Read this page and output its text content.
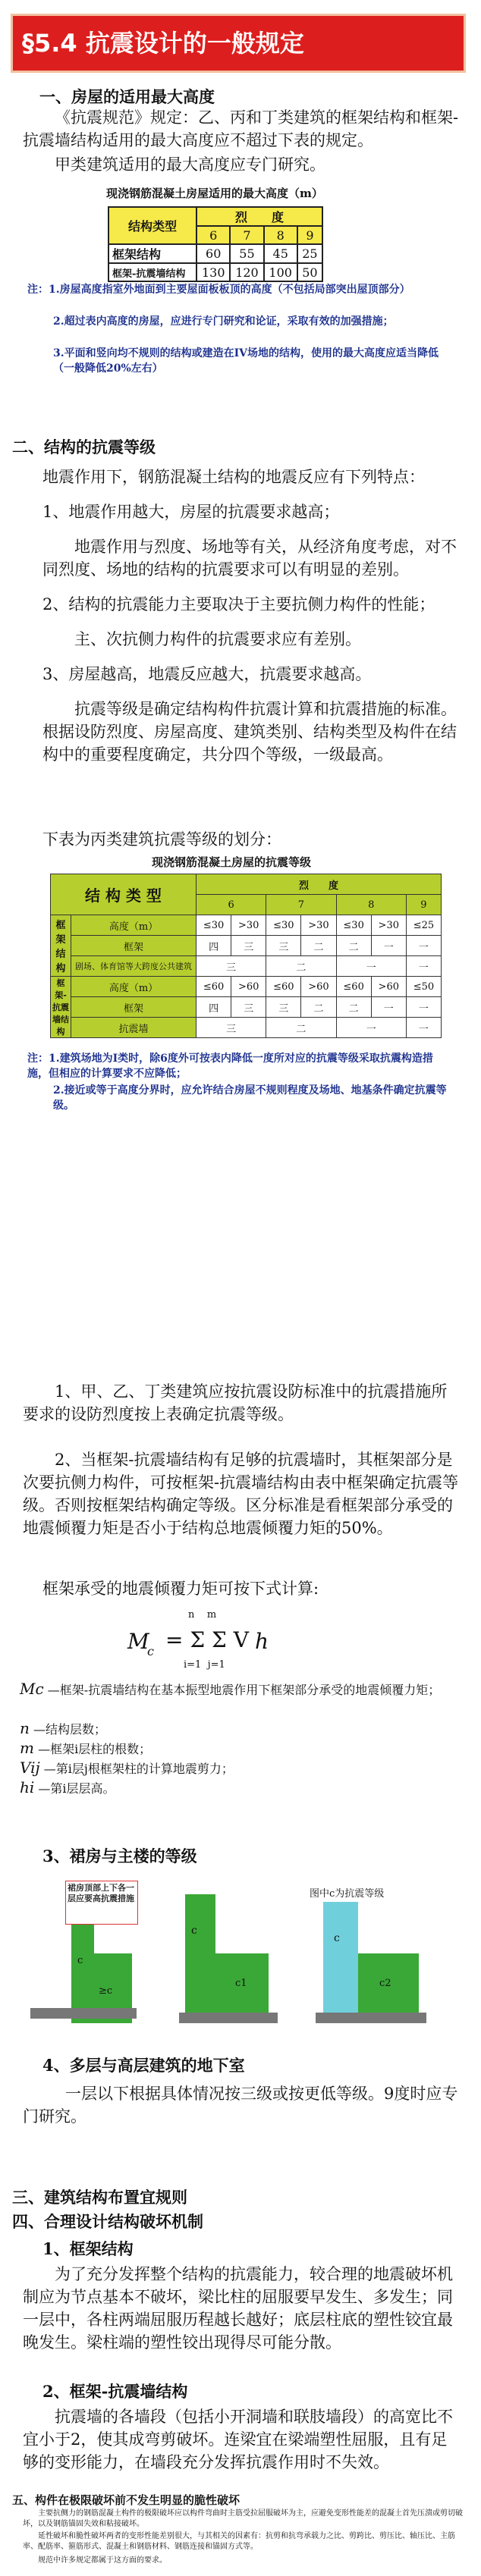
§5.4 抗震设计的一般规定
一、房屋的适用最大高度
《抗震规范》规定：乙、丙和丁类建筑的框架结构和框架-抗震墙结构适用的最大高度应不超过下表的规定。
甲类建筑适用的最大高度应专门研究。
现浇钢筋混凝土房屋适用的最大高度（m）
结构类型	烈　　度			
	6	7	8	9
框架结构	60	55	45	25
框架-抗震墙结构	130	120	100	50
注：1.房屋高度指室外地面到主要屋面板板顶的高度（不包括局部突出屋顶部分）
2.超过表内高度的房屋，应进行专门研究和论证，采取有效的加强措施；
3.平面和竖向均不规则的结构或建造在IV场地的结构，使用的最大高度应适当降低（一般降低20%左右）
二、结构的抗震等级
地震作用下，钢筋混凝土结构的地震反应有下列特点：
1、地震作用越大，房屋的抗震要求越高；
地震作用与烈度、场地等有关，从经济角度考虑，对不同烈度、场地的结构的抗震要求可以有明显的差别。
2、结构的抗震能力主要取决于主要抗侧力构件的性能；
主、次抗侧力构件的抗震要求应有差别。
3、房屋越高，地震反应越大，抗震要求越高。
抗震等级是确定结构构件抗震计算和抗震措施的标准。根据设防烈度、房屋高度、建筑类别、结构类型及构件在结构中的重要程度确定，共分四个等级，一级最高。
下表为丙类建筑抗震等级的划分：
现浇钢筋混凝土房屋的抗震等级
结 构 类 型		烈　　度						
		6		7		8		9
框架结构	高度（m）	≤30	>30	≤30	>30	≤30	>30	≤25
	框架	四	三	三	二	二	一	一
	剧场、体育馆等大跨度公共建筑	三		二		一		一
框架-抗震墙结构	高度（m）	≤60	>60	≤60	>60	≤60	>60	≤50
	框架	四	三	三	二	二	一	一
	抗震墙	三		二		一		一
注：1.建筑场地为Ⅰ类时，除6度外可按表内降低一度所对应的抗震等级采取抗震构造措施，但相应的计算要求不应降低；
2.接近或等于高度分界时，应允许结合房屋不规则程度及场地、地基条件确定抗震等级。
1、甲、乙、丁类建筑应按抗震设防标准中的抗震措施所要求的设防烈度按上表确定抗震等级。
2、当框架-抗震墙结构有足够的抗震墙时，其框架部分是次要抗侧力构件，可按框架-抗震墙结构由表中框架确定抗震等级。否则按框架结构确定等级。区分标准是看框架部分承受的地震倾覆力矩是否小于结构总地震倾覆力矩的50%。
框架承受的地震倾覆力矩可按下式计算:
M
c = Σ Σ V h
n    m
i=1  j=1
Mc —框架-抗震墙结构在基本振型地震作用下框架部分承受的地震倾覆力矩；
n —结构层数；
m —框架i层柱的根数；
Vij —第i层j根框架柱的计算地震剪力；
hi —第i层层高。
3、裙房与主楼的等级
裙房顶部上下各一层应要高抗震措施
c
≥c
c
c1
图中c为抗震等级
c
c2
4、多层与高层建筑的地下室
一层以下根据具体情况按三级或按更低等级。9度时应专门研究。
三、建筑结构布置宜规则
四、合理设计结构破坏机制
1、框架结构
为了充分发挥整个结构的抗震能力，较合理的地震破坏机制应为节点基本不破坏，梁比柱的屈服要早发生、多发生；同一层中，各柱两端屈服历程越长越好；底层柱底的塑性铰宜最晚发生。梁柱端的塑性铰出现得尽可能分散。
2、框架-抗震墙结构
抗震墙的各墙段（包括小开洞墙和联肢墙段）的高宽比不宜小于2，使其成弯剪破坏。连梁宜在梁端塑性屈服，且有足够的变形能力，在墙段充分发挥抗震作用时不失效。
五、构件在极限破坏前不发生明显的脆性破坏
主要抗侧力的钢筋混凝土构件的极限破坏应以构件弯曲时主筋受拉屈服破坏为主，应避免变形性能差的混凝土首先压溃或剪切破坏，以及钢筋锚固失效和粘接破坏。
延性破坏和脆性破坏两者的变形性能差别很大，与其相关的因素有：抗剪和抗弯承载力之比、剪跨比、剪压比、轴压比、主筋率、配筋率、箍筋形式、混凝土和钢筋材料、钢筋连接和锚固方式等。
规范中许多规定都属于这方面的要求。
